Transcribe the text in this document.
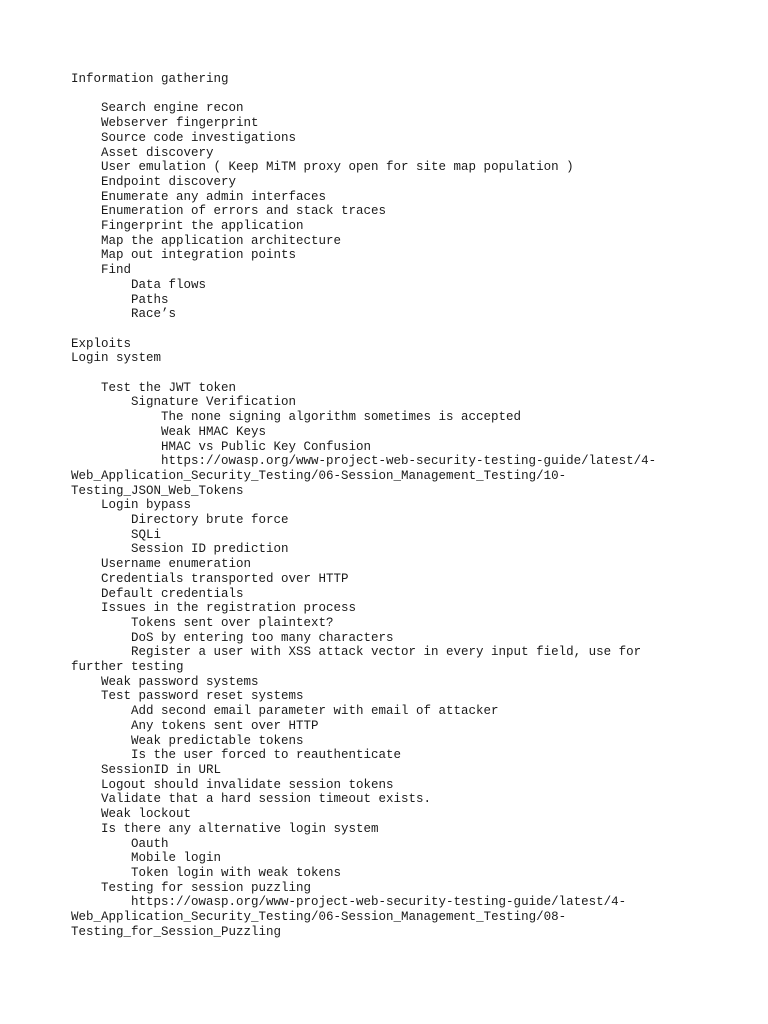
Information gathering
Search engine recon
Webserver fingerprint
Source code investigations
Asset discovery
User emulation ( Keep MiTM proxy open for site map population )
Endpoint discovery
Enumerate any admin interfaces
Enumeration of errors and stack traces
Fingerprint the application
Map the application architecture
Map out integration points
Find
Data flows
Paths
Race’s
Exploits
Login system
Test the JWT token
Signature Verification
The none signing algorithm sometimes is accepted
Weak HMAC Keys
HMAC vs Public Key Confusion
https://owasp.org/www-project-web-security-testing-guide/latest/4-
Web_Application_Security_Testing/06-Session_Management_Testing/10-
Testing_JSON_Web_Tokens
Login bypass
Directory brute force
SQLi
Session ID prediction
Username enumeration
Credentials transported over HTTP
Default credentials
Issues in the registration process
Tokens sent over plaintext?
DoS by entering too many characters
Register a user with XSS attack vector in every input field, use for
further testing
Weak password systems
Test password reset systems
Add second email parameter with email of attacker
Any tokens sent over HTTP
Weak predictable tokens
Is the user forced to reauthenticate
SessionID in URL
Logout should invalidate session tokens
Validate that a hard session timeout exists.
Weak lockout
Is there any alternative login system
Oauth
Mobile login
Token login with weak tokens
Testing for session puzzling
https://owasp.org/www-project-web-security-testing-guide/latest/4-
Web_Application_Security_Testing/06-Session_Management_Testing/08-
Testing_for_Session_Puzzling
